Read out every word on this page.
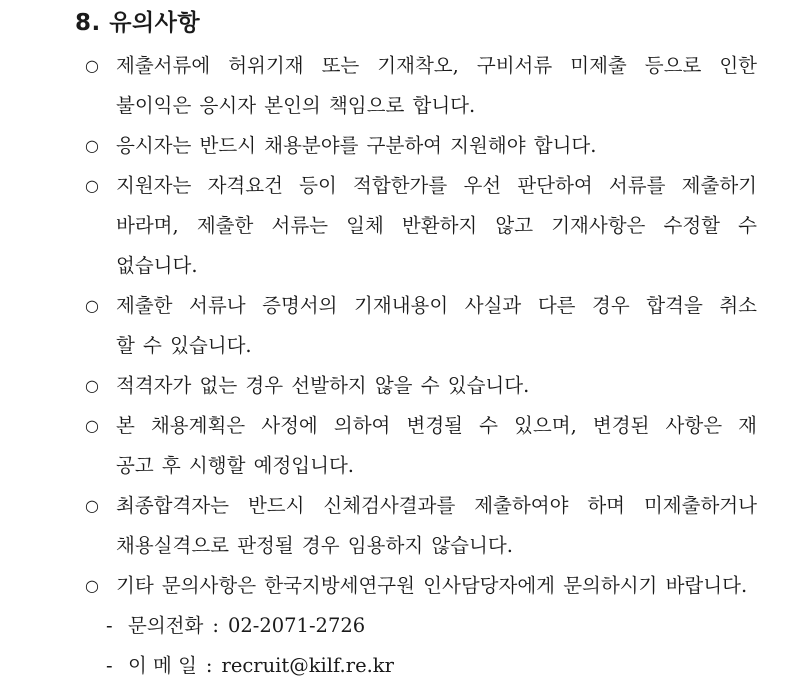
8. 유의사항
○ 제출서류에 허위기재 또는 기재착오, 구비서류 미제출 등으로 인한
불이익은 응시자 본인의 책임으로 합니다.
○ 응시자는 반드시 채용분야를 구분하여 지원해야 합니다.
○ 지원자는 자격요건 등이 적합한가를 우선 판단하여 서류를 제출하기
바라며, 제출한 서류는 일체 반환하지 않고 기재사항은 수정할 수
없습니다.
○ 제출한 서류나 증명서의 기재내용이 사실과 다른 경우 합격을 취소
할 수 있습니다.
○ 적격자가 없는 경우 선발하지 않을 수 있습니다.
○ 본 채용계획은 사정에 의하여 변경될 수 있으며, 변경된 사항은 재
공고 후 시행할 예정입니다.
○ 최종합격자는 반드시 신체검사결과를 제출하여야 하며 미제출하거나
채용실격으로 판정될 경우 임용하지 않습니다.
○ 기타 문의사항은 한국지방세연구원 인사담당자에게 문의하시기 바랍니다.
- 문의전화 : 02-2071-2726
- 이 메 일 : recruit@kilf.re.kr
